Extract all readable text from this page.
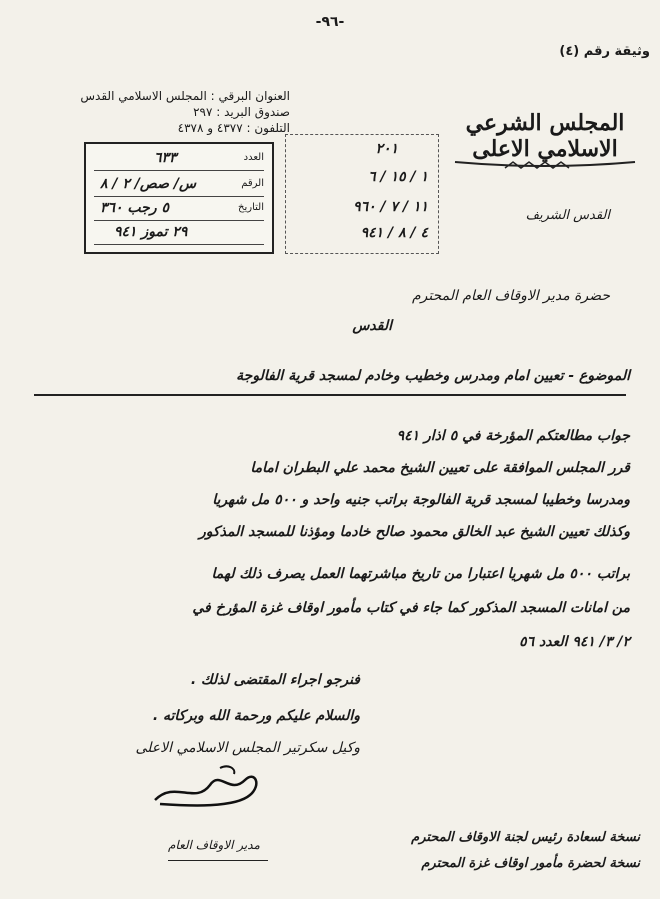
-٩٦-
وثيقة رقم (٤)
العنوان البرقي : المجلس الاسلامي القدس
صندوق البريد : ٢٩٧
التلفون : ٤٣٧٧ و ٤٣٧٨
العدد
٦٣٣
الرقم
س/ صص/ ٢ / ٨
التاريخ
٥ رجب ٣٦٠
٢٩ تموز ٩٤١
٢٠١
١ / ١٥ / ٦
١١ / ٧ / ٩٦٠
٤ / ٨ / ٩٤١
المجلس الشرعي الاسلامي الاعلى
القدس الشريف
حضرة مدير الاوقاف العام المحترم
القدس
الموضوع - تعيين امام ومدرس وخطيب وخادم لمسجد قرية الفالوجة
جواب مطالعتكم المؤرخة في ٥ اذار ٩٤١
قرر المجلس الموافقة على تعيين الشيخ محمد علي البطران اماما
ومدرسا وخطيبا لمسجد قرية الفالوجة براتب جنيه واحد و ٥٠٠ مل شهريا
وكذلك تعيين الشيخ عبد الخالق محمود صالح خادما ومؤذنا للمسجد المذكور
براتب ٥٠٠ مل شهريا اعتبارا من تاريخ مباشرتهما العمل يصرف ذلك لهما
من امانات المسجد المذكور كما جاء في كتاب مأمور اوقاف غزة المؤرخ في
٢/ ٣/ ٩٤١ العدد ٥٦
فنرجو اجراء المقتضى لذلك .
والسلام عليكم ورحمة الله وبركاته .
وكيل سكرتير المجلس الاسلامي الاعلى
نسخة لسعادة رئيس لجنة الاوقاف المحترم
نسخة لحضرة مأمور اوقاف غزة المحترم
مدير الاوقاف العام
